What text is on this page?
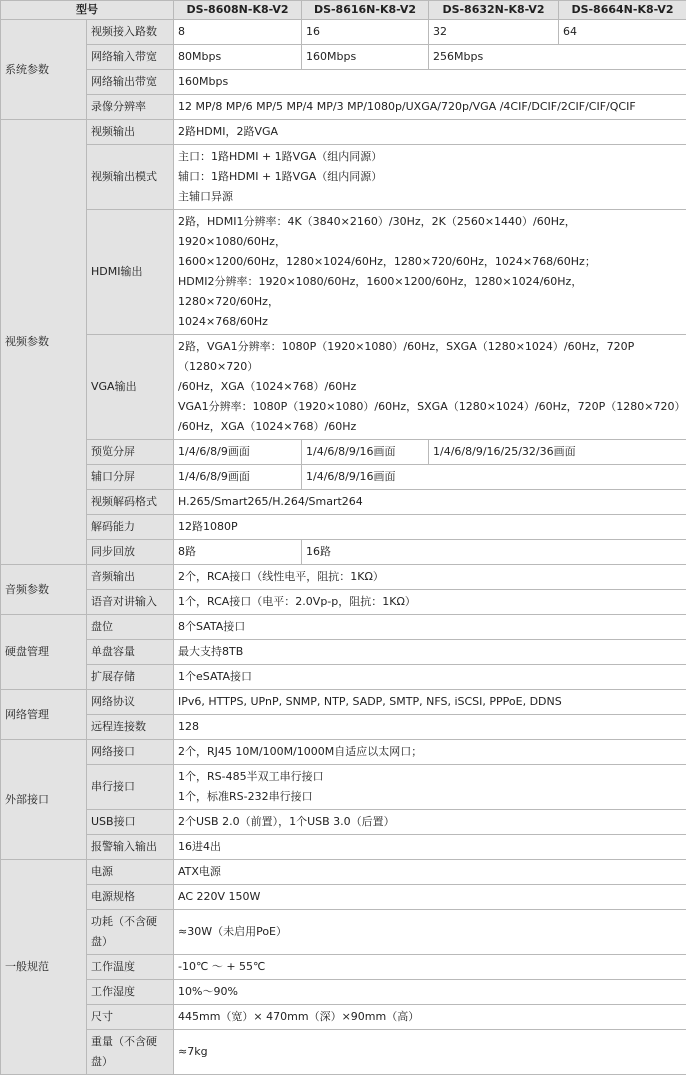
型号		DS-8608N-K8-V2	DS-8616N-K8-V2	DS-8632N-K8-V2	DS-8664N-K8-V2
系统参数	视频接入路数	8	16	32	64
	网络输入带宽	80Mbps	160Mbps	256Mbps	
	网络输出带宽	160Mbps			
	录像分辨率	12 MP/8 MP/6 MP/5 MP/4 MP/3 MP/1080p/UXGA/720p/VGA /4CIF/DCIF/2CIF/CIF/QCIF			
视频参数	视频输出	2路HDMI，2路VGA			
	视频输出模式	主口：1路HDMI + 1路VGA（组内同源）
辅口：1路HDMI + 1路VGA（组内同源）
主辅口异源			

	HDMI输出	2路，HDMI1分辨率：4K（3840×2160）/30Hz，2K（2560×1440）/60Hz，1920×1080/60Hz，
1600×1200/60Hz，1280×1024/60Hz，1280×720/60Hz，1024×768/60Hz；
HDMI2分辨率：1920×1080/60Hz，1600×1200/60Hz，1280×1024/60Hz，1280×720/60Hz，
1024×768/60Hz			

	VGA输出	2路，VGA1分辨率：1080P（1920×1080）/60Hz，SXGA（1280×1024）/60Hz，720P（1280×720）
/60Hz，XGA（1024×768）/60Hz
VGA1分辨率：1080P（1920×1080）/60Hz，SXGA（1280×1024）/60Hz，720P（1280×720）
/60Hz，XGA（1024×768）/60Hz			

	预览分屏	1/4/6/8/9画面	1/4/6/8/9/16画面	1/4/6/8/9/16/25/32/36画面	
	辅口分屏	1/4/6/8/9画面	1/4/6/8/9/16画面		
	视频解码格式	H.265/Smart265/H.264/Smart264			
	解码能力	12路1080P			
	同步回放	8路	16路		
音频参数	音频输出	2个，RCA接口（线性电平，阻抗：1KΩ）			
	语音对讲输入	1个，RCA接口（电平：2.0Vp-p，阻抗：1KΩ）			
硬盘管理	盘位	8个SATA接口			
	单盘容量	最大支持8TB			
	扩展存储	1个eSATA接口			
网络管理	网络协议	IPv6, HTTPS, UPnP, SNMP, NTP, SADP, SMTP, NFS, iSCSI, PPPoE, DDNS			
	远程连接数	128			
外部接口	网络接口	2个，RJ45 10M/100M/1000M自适应以太网口；			
	串行接口	1个，RS-485半双工串行接口
1个，标准RS-232串行接口			

	USB接口	2个USB 2.0（前置），1个USB 3.0（后置）			
	报警输入输出	16进4出			
一般规范	电源	ATX电源			
	电源规格	AC 220V 150W			
	功耗（不含硬盘）	≈30W（未启用PoE）			
	工作温度	-10℃ ～ + 55℃			
	工作湿度	10%～90%			
	尺寸	445mm（宽）× 470mm（深）×90mm（高）			
	重量（不含硬盘）	≈7kg			
